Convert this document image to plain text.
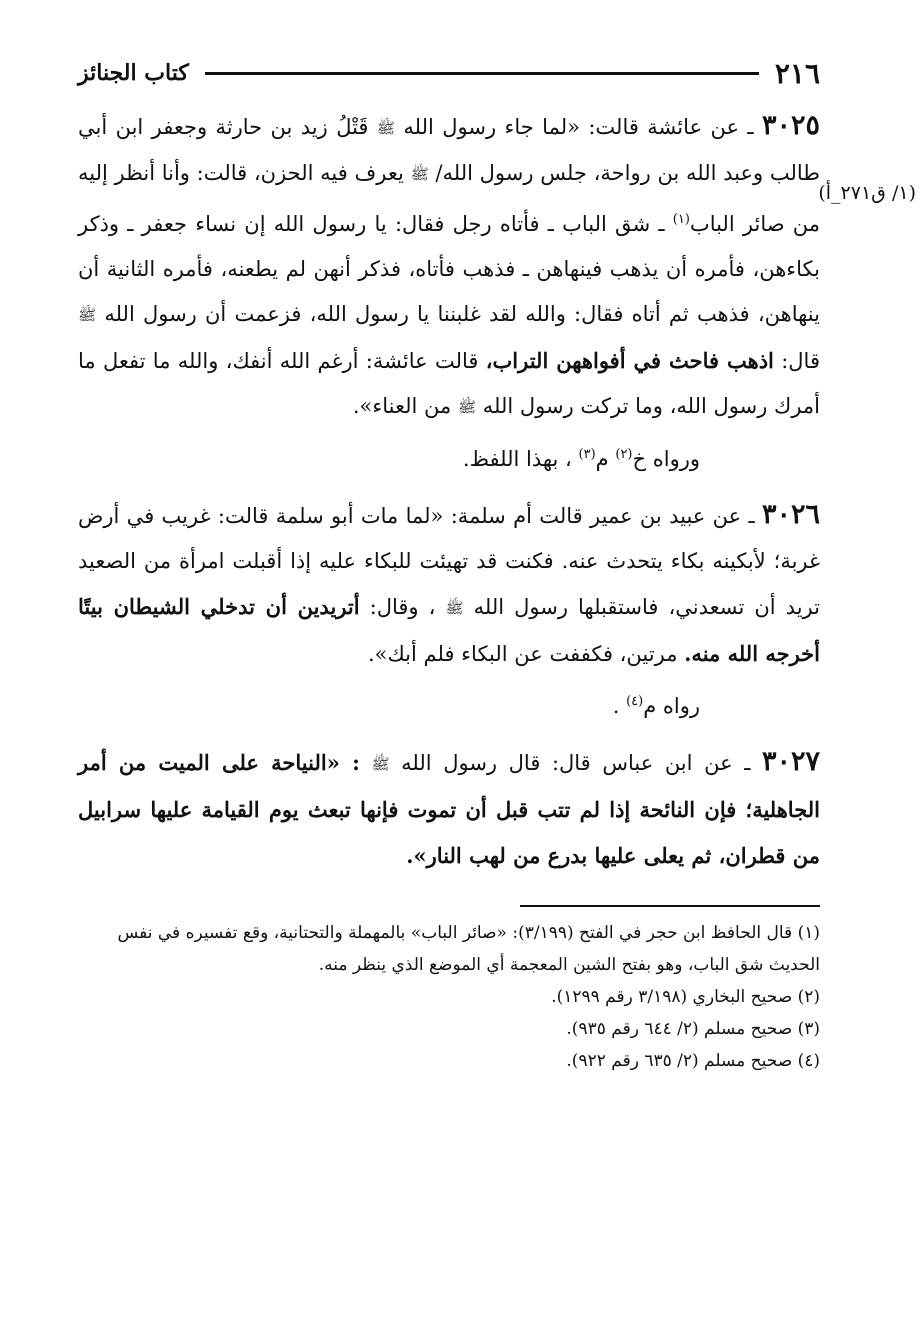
٢١٦
كتاب الجنائز
(١/ ق٢٧١_أ)
٣٠٢٥ ـ عن عائشة قالت: «لما جاء رسول الله ﷺ قَتْلُ زيد بن حارثة وجعفر ابن أبي طالب وعبد الله بن رواحة، جلس رسول الله/ ﷺ يعرف فيه الحزن، قالت: وأنا أنظر إليه من صائر الباب$^{(١)}$ ـ شق الباب ـ فأتاه رجل فقال: يا رسول الله إن نساء جعفر ـ وذكر بكاءهن، فأمره أن يذهب فينهاهن ـ فذهب فأتاه، فذكر أنهن لم يطعنه، فأمره الثانية أن ينهاهن، فذهب ثم أتاه فقال: والله لقد غلبننا يا رسول الله، فزعمت أن رسول الله ﷺ قال: اذهب فاحث في أفواههن التراب، قالت عائشة: أرغم الله أنفك، والله ما تفعل ما أمرك رسول الله، وما تركت رسول الله ﷺ من العناء».
ورواه خ$^{(٢)}$ م$^{(٣)}$ ، بهذا اللفظ.
٣٠٢٦ ـ عن عبيد بن عمير قالت أم سلمة: «لما مات أبو سلمة قالت: غريب في أرض غربة؛ لأبكينه بكاء يتحدث عنه. فكنت قد تهيئت للبكاء عليه إذا أقبلت امرأة من الصعيد تريد أن تسعدني، فاستقبلها رسول الله ﷺ ، وقال: أتريدين أن تدخلي الشيطان بيتًا أخرجه الله منه. مرتين، فكففت عن البكاء فلم أبك».
رواه م$^{(٤)}$ .
٣٠٢٧ ـ عن ابن عباس قال: قال رسول الله ﷺ : «النياحة على الميت من أمر الجاهلية؛ فإن النائحة إذا لم تتب قبل أن تموت فإنها تبعث يوم القيامة عليها سرابيل من قطران، ثم يعلى عليها بدرع من لهب النار».

(١) قال الحافظ ابن حجر في الفتح (٣/١٩٩): «صائر الباب» بالمهملة والتحتانية، وقع تفسيره في نفس الحديث شق الباب، وهو بفتح الشين المعجمة أي الموضع الذي ينظر منه.

(٢) صحيح البخاري (٣/١٩٨ رقم ١٢٩٩).

(٣) صحيح مسلم (٢/ ٦٤٤ رقم ٩٣٥).

(٤) صحيح مسلم (٢/ ٦٣٥ رقم ٩٢٢).
